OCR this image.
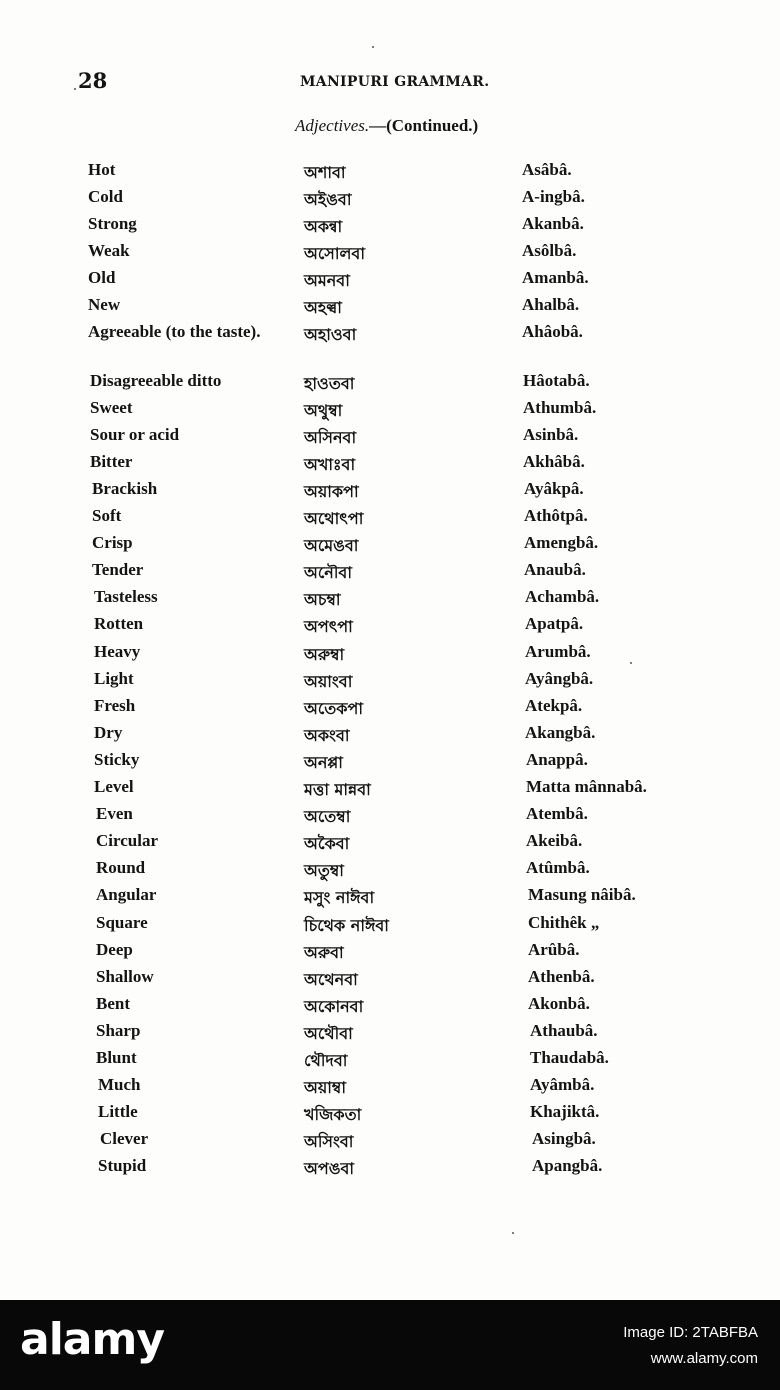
28	MANIPURI GRAMMAR.
Adjectives.—(Continued.)
Hot	অশাবা	Asâbâ.
Cold	অইঙবা	A-ingbâ.
Strong	অকন্বা	Akanbâ.
Weak	অসোলবা	Asôlbâ.
Old	অমনবা	Amanbâ.
New	অহল্বা	Ahalbâ.
Agreeable (to the taste).	অহাওবা	Ahâobâ.
Disagreeable ditto	হাওতবা	Hâotabâ.
Sweet	অথুম্বা	Athumbâ.
Sour or acid	অসিনবা	Asinbâ.
Bitter	অখাঃবা	Akhâbâ.
Brackish	অয়াকপা	Ayâkpâ.
Soft	অথোৎপা	Athôtpâ.
Crisp	অমেঙবা	Amengbâ.
Tender	অনৌবা	Anaubâ.
Tasteless	অচম্বা	Achambâ.
Rotten	অপৎপা	Apatpâ.
Heavy	অরুম্বা	Arumbâ.
Light	অয়াংবা	Ayângbâ.
Fresh	অতেকপা	Atekpâ.
Dry	অকংবা	Akangbâ.
Sticky	অনপ্পা	Anappâ.
Level	মত্তা মান্নবা	Matta mânnabâ.
Even	অতেম্বা	Atembâ.
Circular	অকৈবা	Akeibâ.
Round	অতুম্বা	Atûmbâ.
Angular	মসুং নাঈবা	Masung nâibâ.
Square	চিথেক নাঈবা	Chithêk „
Deep	অরুবা	Arûbâ.
Shallow	অথেনবা	Athenbâ.
Bent	অকোনবা	Akonbâ.
Sharp	অথৌবা	Athaubâ.
Blunt	থৌদবা	Thaudabâ.
Much	অয়াম্বা	Ayâmbâ.
Little	খজিকতা	Khajiktâ.
Clever	অসিংবা	Asingbâ.
Stupid	অপঙবা	Apangbâ.
alamy	Image ID: 2TABFBA
www.alamy.com
